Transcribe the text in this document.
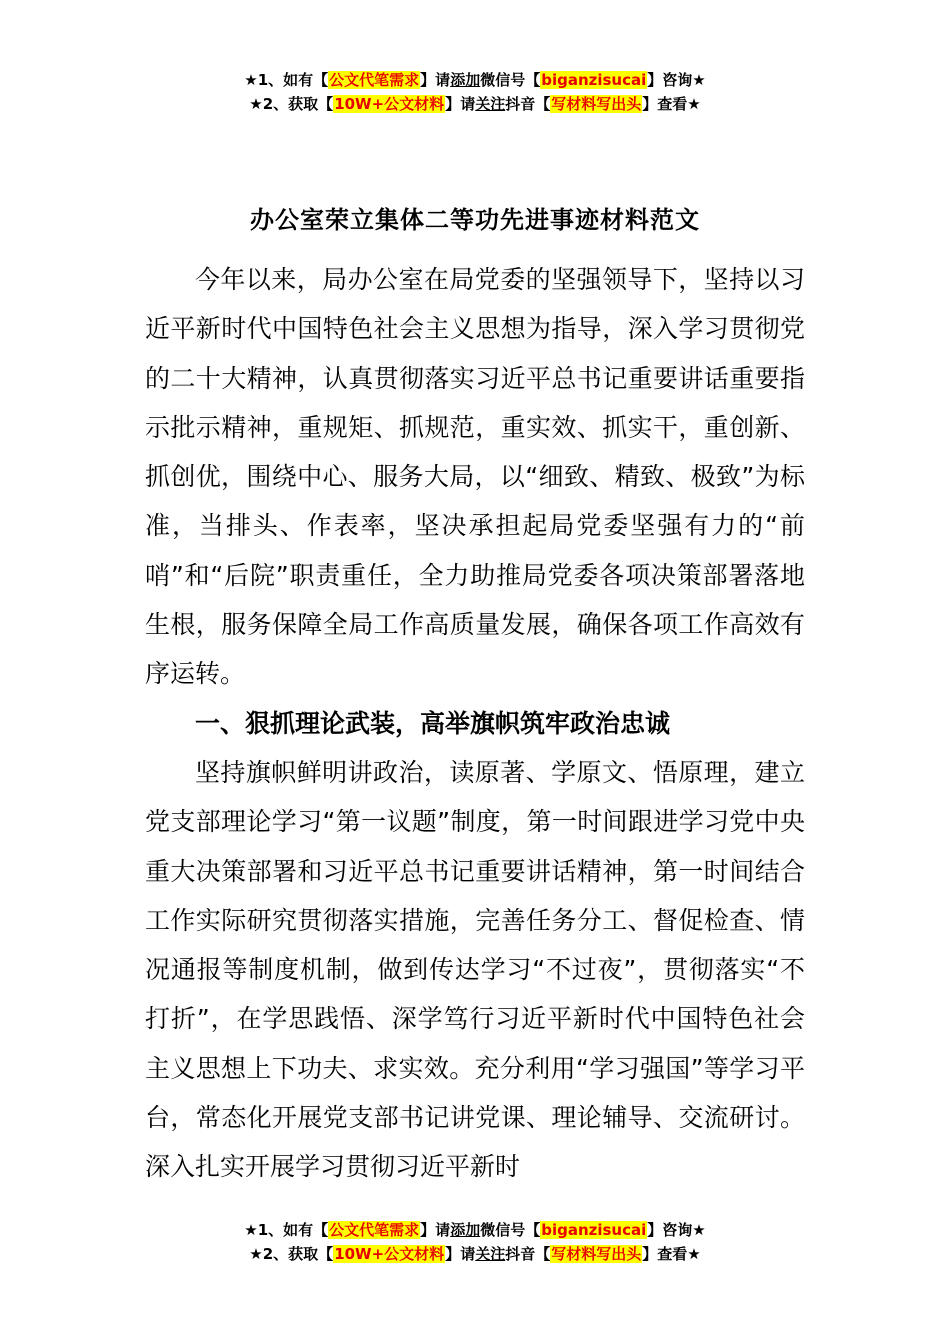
★1、如有【公文代笔需求】请添加微信号【biganzisucai】咨询★
★2、获取【10W+公文材料】请关注抖音【写材料写出头】查看★
办公室荣立集体二等功先进事迹材料范文

今年以来，局办公室在局党委的坚强领导下，坚持以习近平新时代中国特色社会主义思想为指导，深入学习贯彻党的二十大精神，认真贯彻落实习近平总书记重要讲话重要指示批示精神，重规矩、抓规范，重实效、抓实干，重创新、抓创优，围绕中心、服务大局，以“细致、精致、极致”为标准，当排头、作表率，坚决承担起局党委坚强有力的“前哨”和“后院”职责重任，全力助推局党委各项决策部署落地生根，服务保障全局工作高质量发展，确保各项工作高效有序运转。

一、狠抓理论武装，高举旗帜筑牢政治忠诚

坚持旗帜鲜明讲政治，读原著、学原文、悟原理，建立党支部理论学习“第一议题”制度，第一时间跟进学习党中央重大决策部署和习近平总书记重要讲话精神，第一时间结合工作实际研究贯彻落实措施，完善任务分工、督促检查、情况通报等制度机制，做到传达学习“不过夜”，贯彻落实“不打折”，在学思践悟、深学笃行习近平新时代中国特色社会主义思想上下功夫、求实效。充分利用“学习强国”等学习平台，常态化开展党支部书记讲党课、理论辅导、交流研讨。深入扎实开展学习贯彻习近平新时

★1、如有【公文代笔需求】请添加微信号【biganzisucai】咨询★
★2、获取【10W+公文材料】请关注抖音【写材料写出头】查看★
